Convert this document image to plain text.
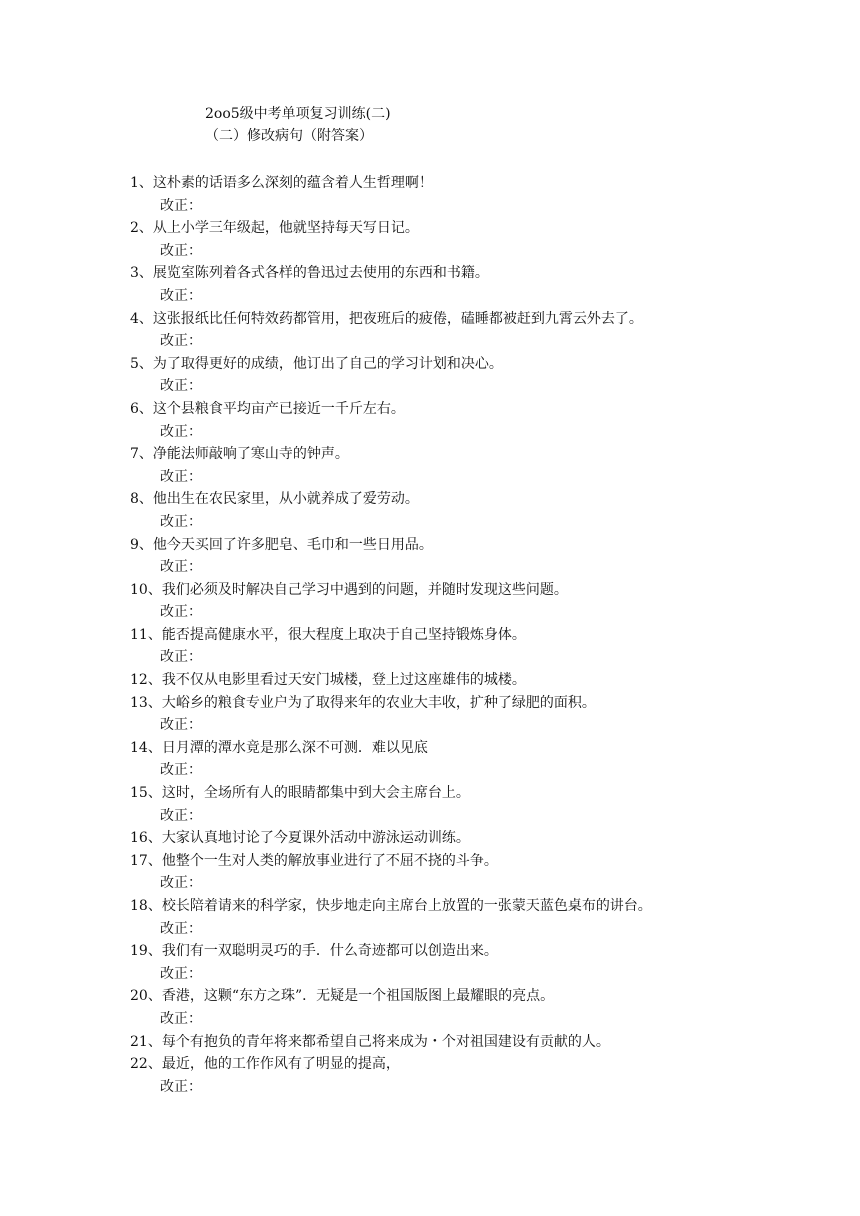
2oo5级中考单项复习训练(二)
（二）修改病句（附答案）
1、这朴素的话语多么深刻的蕴含着人生哲理啊！
改正：
2、从上小学三年级起，他就坚持每天写日记。
改正：
3、展览室陈列着各式各样的鲁迅过去使用的东西和书籍。
改正：
4、这张报纸比任何特效药都管用，把夜班后的疲倦，磕睡都被赶到九霄云外去了。
改正：
5、为了取得更好的成绩，他订出了自己的学习计划和决心。
改正：
6、这个县粮食平均亩产已接近一千斤左右。
改正：
7、净能法师敲响了寒山寺的钟声。
改正：
8、他出生在农民家里，从小就养成了爱劳动。
改正：
9、他今天买回了许多肥皂、毛巾和一些日用品。
改正：
10、我们必须及时解决自己学习中遇到的问题，并随时发现这些问题。
改正：
11、能否提高健康水平，很大程度上取决于自己坚持锻炼身体。
改正：
12、我不仅从电影里看过天安门城楼，登上过这座雄伟的城楼。
13、大峪乡的粮食专业户为了取得来年的农业大丰收，扩种了绿肥的面积。
改正：
14、日月潭的潭水竟是那么深不可测．难以见底
改正：
15、这时，全场所有人的眼睛都集中到大会主席台上。
改正：
16、大家认真地讨论了今夏课外活动中游泳运动训练。
17、他整个一生对人类的解放事业进行了不屈不挠的斗争。
改正：
18、校长陪着请来的科学家，快步地走向主席台上放置的一张蒙天蓝色桌布的讲台。
改正：
19、我们有一双聪明灵巧的手．什么奇迹都可以创造出来。
改正：
20、香港，这颗“东方之珠”．无疑是一个祖国版图上最耀眼的亮点。
改正：
21、每个有抱负的青年将来都希望自己将来成为・个对祖国建设有贡献的人。
22、最近，他的工作作风有了明显的提高，
改正：
